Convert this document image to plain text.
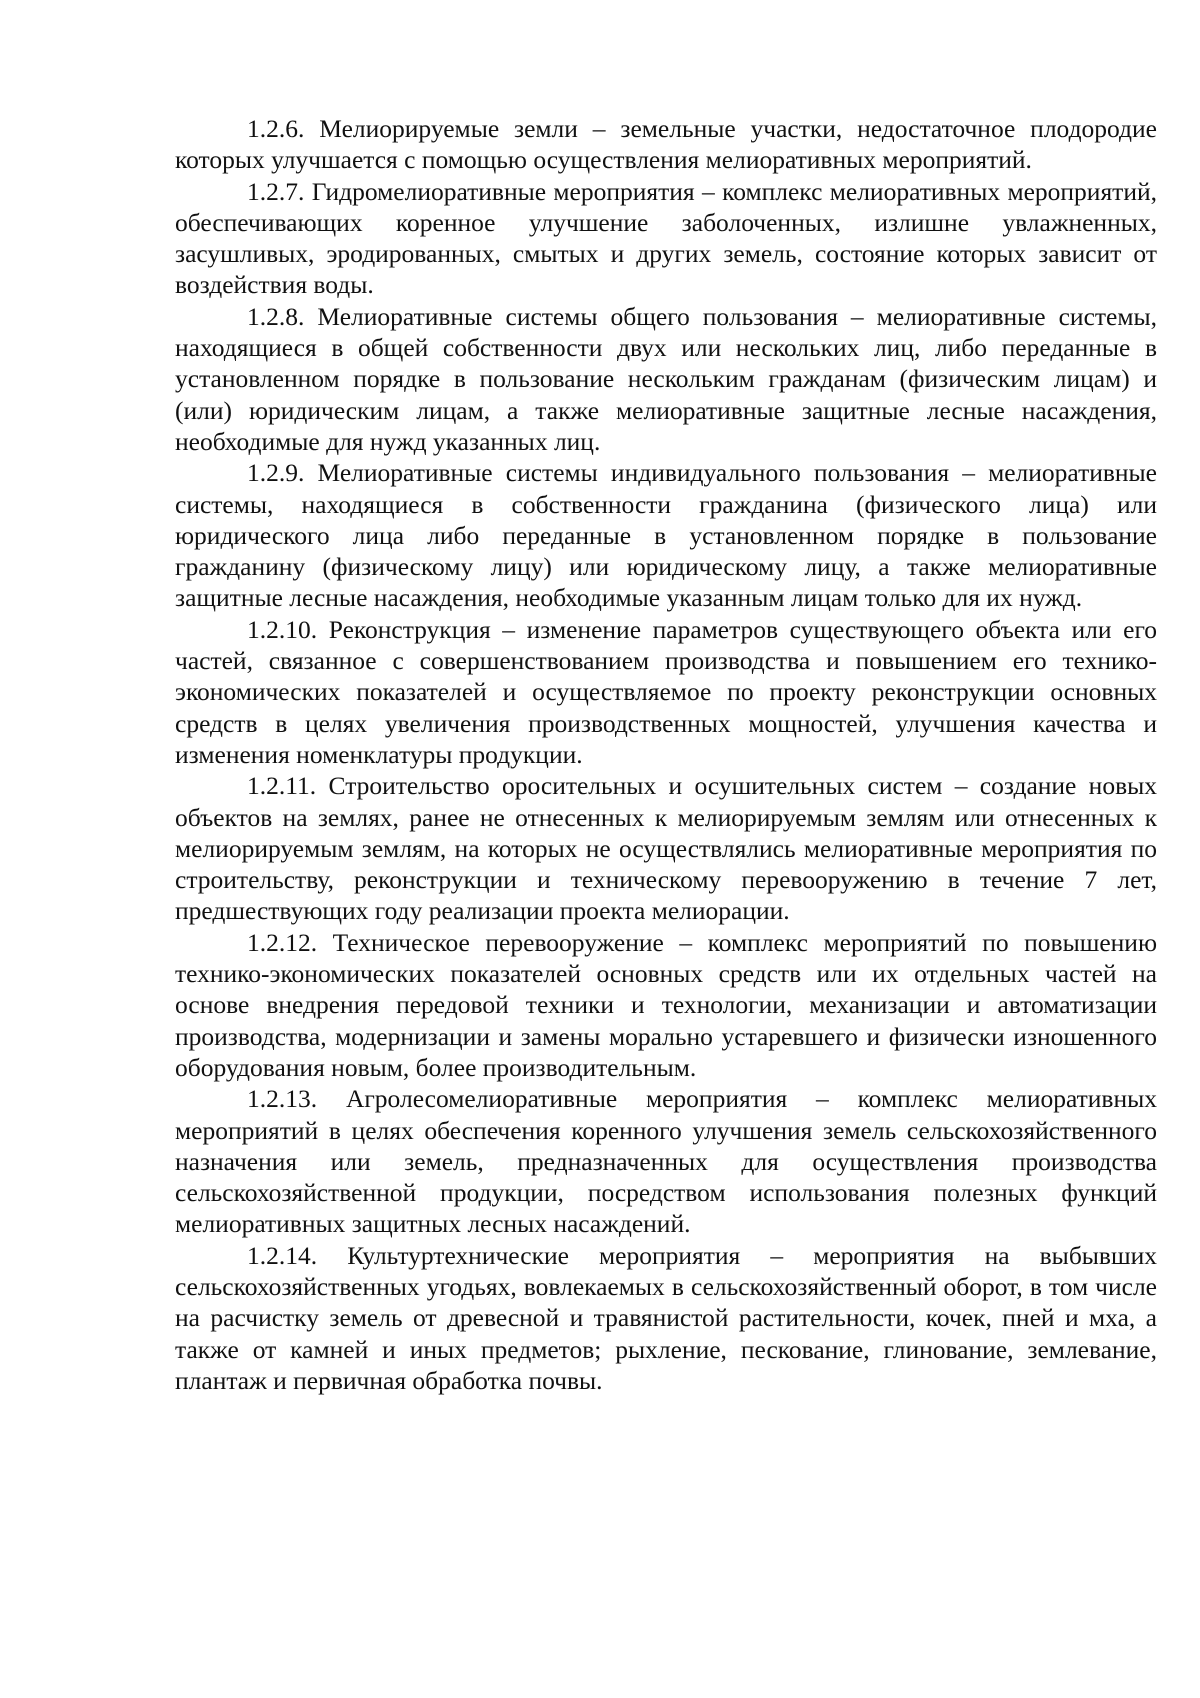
1.2.6. Мелиорируемые земли – земельные участки, недостаточное плодородие которых улучшается с помощью осуществления мелиоративных мероприятий.

1.2.7. Гидромелиоративные мероприятия – комплекс мелиоративных мероприятий, обеспечивающих коренное улучшение заболоченных, излишне увлажненных, засушливых, эродированных, смытых и других земель, состояние которых зависит от воздействия воды.

1.2.8. Мелиоративные системы общего пользования – мелиоративные системы, находящиеся в общей собственности двух или нескольких лиц, либо переданные в установленном порядке в пользование нескольким гражданам (физическим лицам) и (или) юридическим лицам, а также мелиоративные защитные лесные насаждения, необходимые для нужд указанных лиц.

1.2.9. Мелиоративные системы индивидуального пользования – мелиоративные системы, находящиеся в собственности гражданина (физического лица) или юридического лица либо переданные в установленном порядке в пользование гражданину (физическому лицу) или юридическому лицу, а также мелиоративные защитные лесные насаждения, необходимые указанным лицам только для их нужд.

1.2.10. Реконструкция – изменение параметров существующего объекта или его частей, связанное с совершенствованием производства и повышением его технико-экономических показателей и осуществляемое по проекту реконструкции основных средств в целях увеличения производственных мощностей, улучшения качества и изменения номенклатуры продукции.

1.2.11. Строительство оросительных и осушительных систем – создание новых объектов на землях, ранее не отнесенных к мелиорируемым землям или отнесенных к мелиорируемым землям, на которых не осуществлялись мелиоративные мероприятия по строительству, реконструкции и техническому перевооружению в течение 7 лет, предшествующих году реализации проекта мелиорации.

1.2.12. Техническое перевооружение – комплекс мероприятий по повышению технико-экономических показателей основных средств или их отдельных частей на основе внедрения передовой техники и технологии, механизации и автоматизации производства, модернизации и замены морально устаревшего и физически изношенного оборудования новым, более производительным.

1.2.13. Агролесомелиоративные мероприятия – комплекс мелиоративных мероприятий в целях обеспечения коренного улучшения земель сельскохозяйственного назначения или земель, предназначенных для осуществления производства сельскохозяйственной продукции, посредством использования полезных функций мелиоративных защитных лесных насаждений.

1.2.14. Культуртехнические мероприятия – мероприятия на выбывших сельскохозяйственных угодьях, вовлекаемых в сельскохозяйственный оборот, в том числе на расчистку земель от древесной и травянистой растительности, кочек, пней и мха, а также от камней и иных предметов; рыхление, пескование, глинование, землевание, плантаж и первичная обработка почвы.
